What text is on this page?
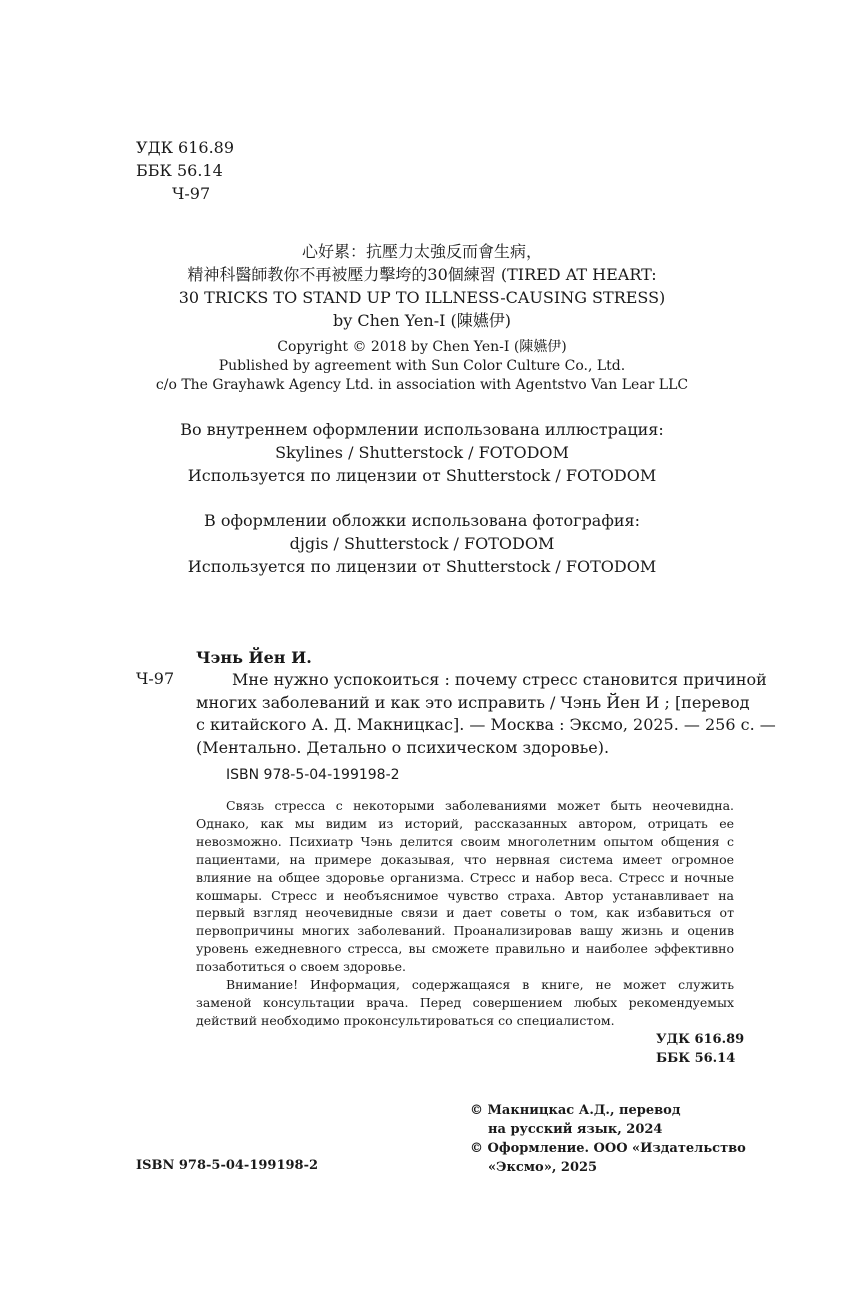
УДК 616.89
ББК 56.14
Ч-97
心好累：抗壓力太強反而會生病，
精神科醫師教你不再被壓力擊垮的30個練習 (TIRED AT HEART:
30 TRICKS TO STAND UP TO ILLNESS-CAUSING STRESS)
by Chen Yen-I (陳嬿伊)
Copyright © 2018 by Chen Yen-I (陳嬿伊)
Published by agreement with Sun Color Culture Co., Ltd.
c/o The Grayhawk Agency Ltd. in association with Agentstvo Van Lear LLC
Во внутреннем оформлении использована иллюстрация:
Skylines / Shutterstock / FOTODOM
Используется по лицензии от Shutterstock / FOTODOM
В оформлении обложки использована фотография:
djgis / Shutterstock / FOTODOM
Используется по лицензии от Shutterstock / FOTODOM
Чэнь Йен И.
Ч-97	Мне нужно успокоиться : почему стресс становится причиной
многих заболеваний и как это исправить / Чэнь Йен И ; [перевод
с китайского А. Д. Макницкас]. — Москва : Эксмо, 2025. — 256 с. —
(Ментально. Детально о психическом здоровье).
ISBN 978-5-04-199198-2

Связь стресса с некоторыми заболеваниями может быть неочевидна. Однако, как мы видим из историй, рассказанных автором, отрицать ее невозможно. Психиатр Чэнь делится своим многолетним опытом общения с пациентами, на примере доказывая, что нервная система имеет огромное влияние на общее здоровье организма. Стресс и набор веса. Стресс и ночные кошмары. Стресс и необъяснимое чувство страха. Автор устанавливает на первый взгляд неочевидные связи и дает советы о том, как избавиться от первопричины многих заболеваний. Проанализировав вашу жизнь и оценив уровень ежедневного стресса, вы сможете правильно и наиболее эффективно позаботиться о своем здоровье.

Внимание! Информация, содержащаяся в книге, не может служить заменой консультации врача. Перед совершением любых рекомендуемых действий необходимо проконсультироваться со специалистом.

УДК 616.89
ББК 56.14
© Макницкас А.Д., перевод
на русский язык, 2024
© Оформление. ООО «Издательство
«Эксмо», 2025
ISBN 978-5-04-199198-2
